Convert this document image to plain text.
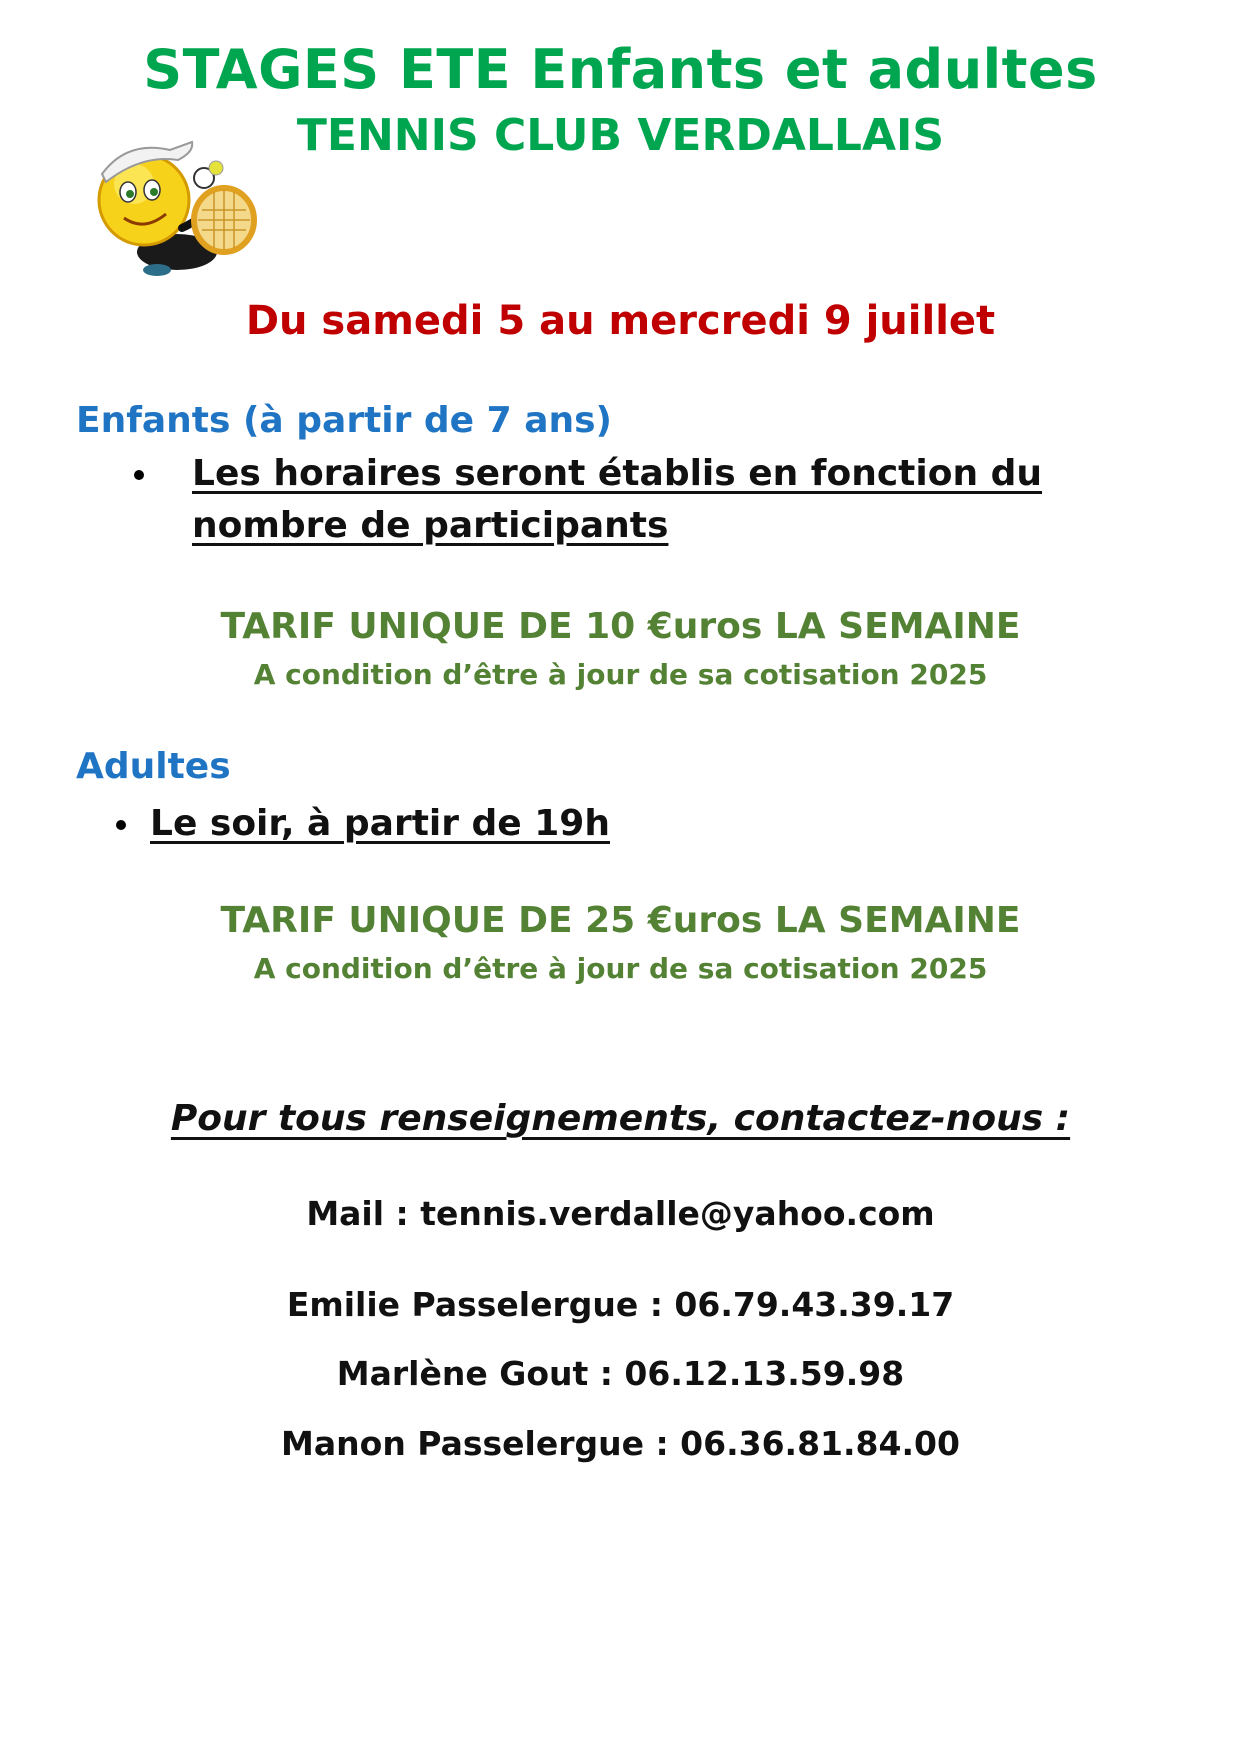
STAGES ETE Enfants et adultes
TENNIS CLUB VERDALLAIS
Du samedi 5 au mercredi 9 juillet
Enfants (à partir de 7 ans)
Les horaires seront établis en fonction du
nombre de participants
TARIF UNIQUE DE 10 €uros LA SEMAINE
A condition d’être à jour de sa cotisation 2025
Adultes
Le soir, à partir de 19h
TARIF UNIQUE DE 25 €uros LA SEMAINE
A condition d’être à jour de sa cotisation 2025
Pour tous renseignements, contactez-nous :
Mail : tennis.verdalle@yahoo.com
Emilie Passelergue : 06.79.43.39.17
Marlène Gout : 06.12.13.59.98
Manon Passelergue : 06.36.81.84.00
